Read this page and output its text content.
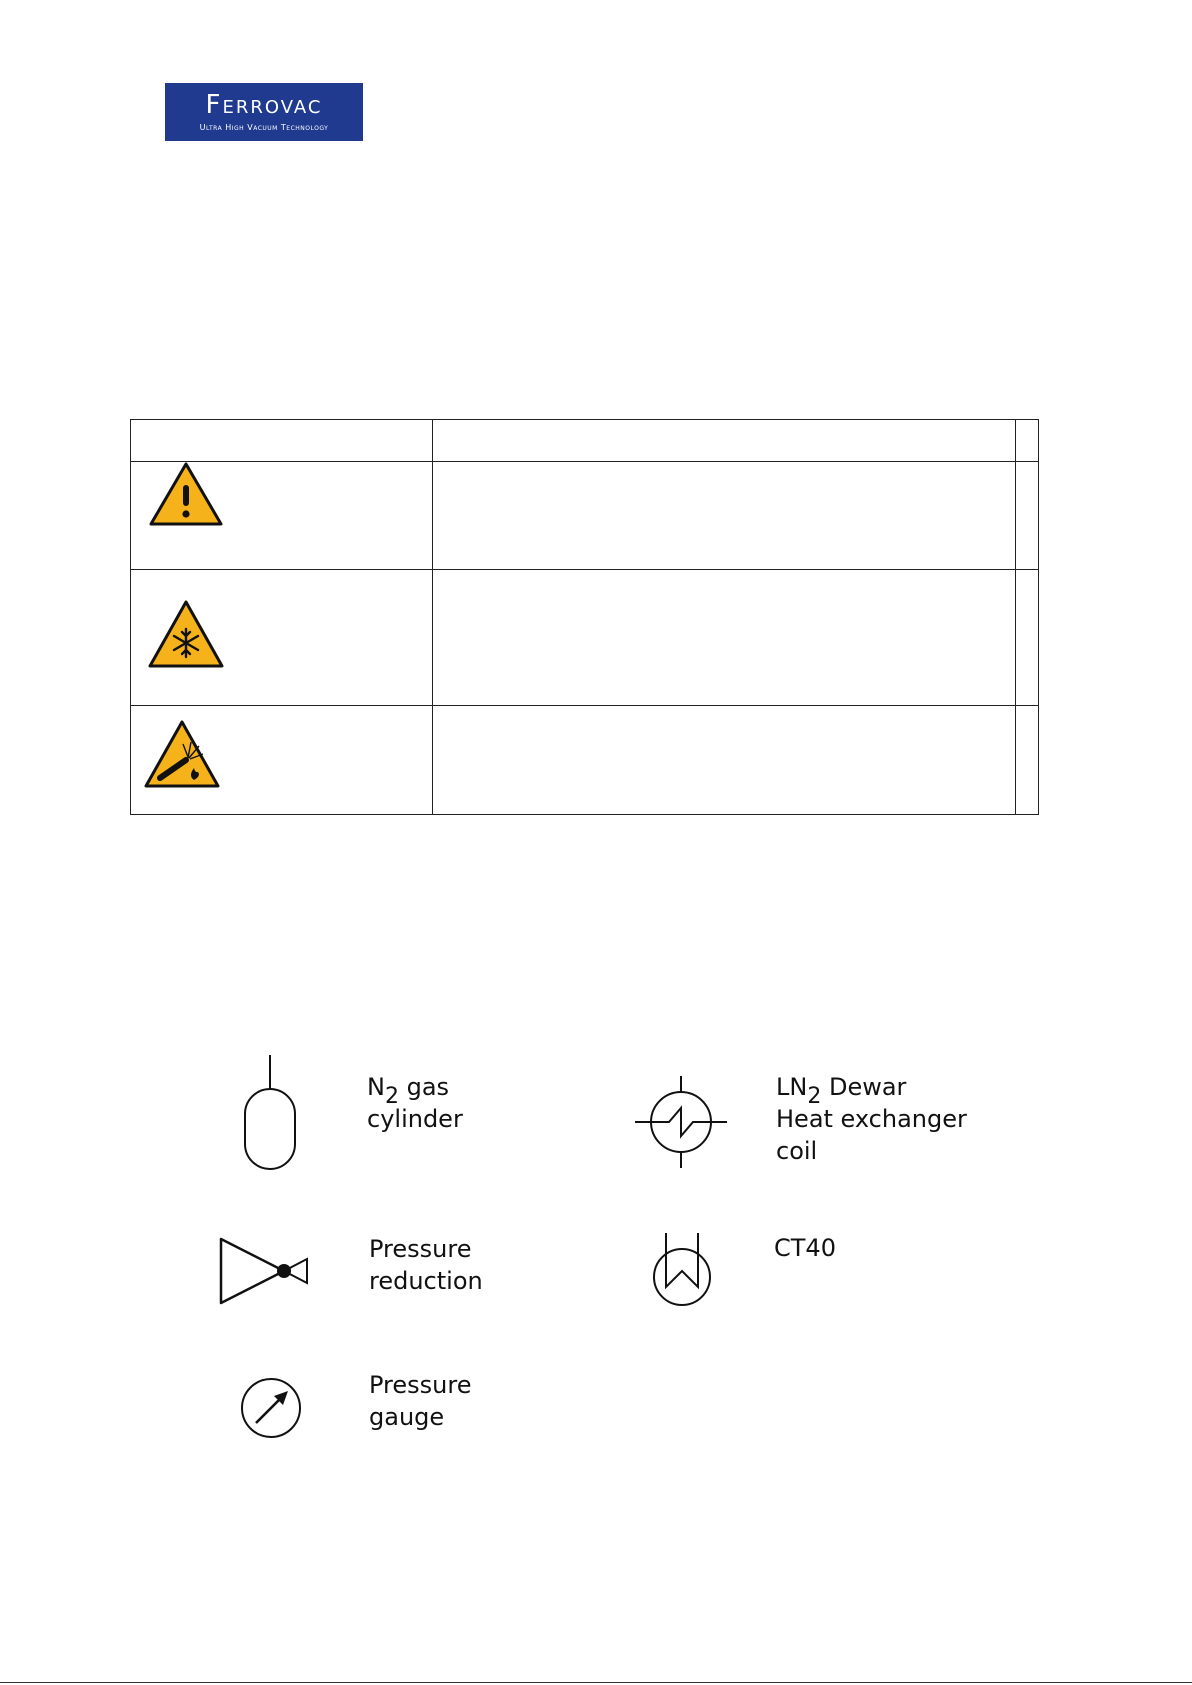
Ferrovac
Ultra High Vacuum Technology

$N_2$ gas
cylinder
$LN_2$ Dewar
Heat exchanger
coil
Pressure
reduction
CT40
Pressure
gauge
